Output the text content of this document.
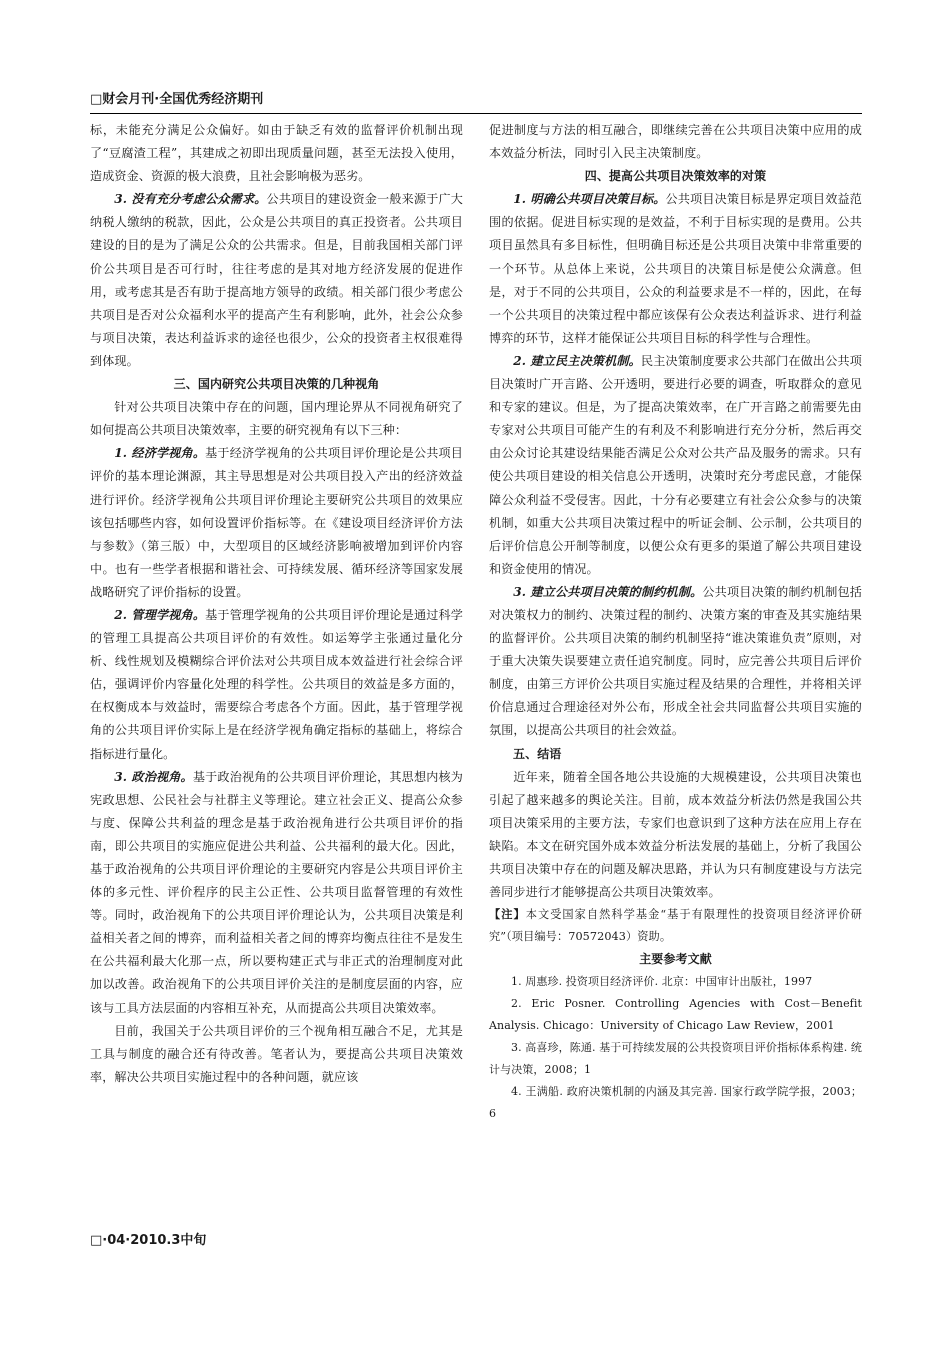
□财会月刊·全国优秀经济期刊

标，未能充分满足公众偏好。如由于缺乏有效的监督评价机制出现了“豆腐渣工程”，其建成之初即出现质量问题，甚至无法投入使用，造成资金、资源的极大浪费，且社会影响极为恶劣。

3. 没有充分考虑公众需求。公共项目的建设资金一般来源于广大纳税人缴纳的税款，因此，公众是公共项目的真正投资者。公共项目建设的目的是为了满足公众的公共需求。但是，目前我国相关部门评价公共项目是否可行时，往往考虑的是其对地方经济发展的促进作用，或考虑其是否有助于提高地方领导的政绩。相关部门很少考虑公共项目是否对公众福利水平的提高产生有利影响，此外，社会公众参与项目决策，表达利益诉求的途径也很少，公众的投资者主权很难得到体现。

三、国内研究公共项目决策的几种视角

针对公共项目决策中存在的问题，国内理论界从不同视角研究了如何提高公共项目决策效率，主要的研究视角有以下三种：

1. 经济学视角。基于经济学视角的公共项目评价理论是公共项目评价的基本理论渊源，其主导思想是对公共项目投入产出的经济效益进行评价。经济学视角公共项目评价理论主要研究公共项目的效果应该包括哪些内容，如何设置评价指标等。在《建设项目经济评价方法与参数》（第三版）中，大型项目的区域经济影响被增加到评价内容中。也有一些学者根据和谐社会、可持续发展、循环经济等国家发展战略研究了评价指标的设置。

2. 管理学视角。基于管理学视角的公共项目评价理论是通过科学的管理工具提高公共项目评价的有效性。如运筹学主张通过量化分析、线性规划及模糊综合评价法对公共项目成本效益进行社会综合评估，强调评价内容量化处理的科学性。公共项目的效益是多方面的，在权衡成本与效益时，需要综合考虑各个方面。因此，基于管理学视角的公共项目评价实际上是在经济学视角确定指标的基础上，将综合指标进行量化。

3. 政治视角。基于政治视角的公共项目评价理论，其思想内核为宪政思想、公民社会与社群主义等理论。建立社会正义、提高公众参与度、保障公共利益的理念是基于政治视角进行公共项目评价的指南，即公共项目的实施应促进公共利益、公共福利的最大化。因此，基于政治视角的公共项目评价理论的主要研究内容是公共项目评价主体的多元性、评价程序的民主公正性、公共项目监督管理的有效性等。同时，政治视角下的公共项目评价理论认为，公共项目决策是利益相关者之间的博弈，而利益相关者之间的博弈均衡点往往不是发生在公共福利最大化那一点，所以要构建正式与非正式的治理制度对此加以改善。政治视角下的公共项目评价关注的是制度层面的内容，应该与工具方法层面的内容相互补充，从而提高公共项目决策效率。

目前，我国关于公共项目评价的三个视角相互融合不足，尤其是工具与制度的融合还有待改善。笔者认为，要提高公共项目决策效率，解决公共项目实施过程中的各种问题，就应该

促进制度与方法的相互融合，即继续完善在公共项目决策中应用的成本效益分析法，同时引入民主决策制度。

四、提高公共项目决策效率的对策

1. 明确公共项目决策目标。公共项目决策目标是界定项目效益范围的依据。促进目标实现的是效益，不利于目标实现的是费用。公共项目虽然具有多目标性，但明确目标还是公共项目决策中非常重要的一个环节。从总体上来说，公共项目的决策目标是使公众满意。但是，对于不同的公共项目，公众的利益要求是不一样的，因此，在每一个公共项目的决策过程中都应该保有公众表达利益诉求、进行利益博弈的环节，这样才能保证公共项目目标的科学性与合理性。

2. 建立民主决策机制。民主决策制度要求公共部门在做出公共项目决策时广开言路、公开透明，要进行必要的调查，听取群众的意见和专家的建议。但是，为了提高决策效率，在广开言路之前需要先由专家对公共项目可能产生的有利及不利影响进行充分分析，然后再交由公众讨论其建设结果能否满足公众对公共产品及服务的需求。只有使公共项目建设的相关信息公开透明，决策时充分考虑民意，才能保障公众利益不受侵害。因此，十分有必要建立有社会公众参与的决策机制，如重大公共项目决策过程中的听证会制、公示制，公共项目的后评价信息公开制等制度，以便公众有更多的渠道了解公共项目建设和资金使用的情况。

3. 建立公共项目决策的制约机制。公共项目决策的制约机制包括对决策权力的制约、决策过程的制约、决策方案的审查及其实施结果的监督评价。公共项目决策的制约机制坚持“谁决策谁负责”原则，对于重大决策失误要建立责任追究制度。同时，应完善公共项目后评价制度，由第三方评价公共项目实施过程及结果的合理性，并将相关评价信息通过合理途径对外公布，形成全社会共同监督公共项目实施的氛围，以提高公共项目的社会效益。

五、结语

近年来，随着全国各地公共设施的大规模建设，公共项目决策也引起了越来越多的舆论关注。目前，成本效益分析法仍然是我国公共项目决策采用的主要方法，专家们也意识到了这种方法在应用上存在缺陷。本文在研究国外成本效益分析法发展的基础上，分析了我国公共项目决策中存在的问题及解决思路，并认为只有制度建设与方法完善同步进行才能够提高公共项目决策效率。

【注】本文受国家自然科学基金“基于有限理性的投资项目经济评价研究”（项目编号：70572043）资助。

主要参考文献

1. 周惠珍. 投资项目经济评价. 北京：中国审计出版社，1997

2. Eric Posner. Controlling Agencies with Cost－Benefit Analysis. Chicago：University of Chicago Law Review，2001

3. 高喜珍，陈通. 基于可持续发展的公共投资项目评价指标体系构建. 统计与决策，2008；1

4. 王满船. 政府决策机制的内涵及其完善. 国家行政学院学报，2003；6

□·04·2010.3中旬
